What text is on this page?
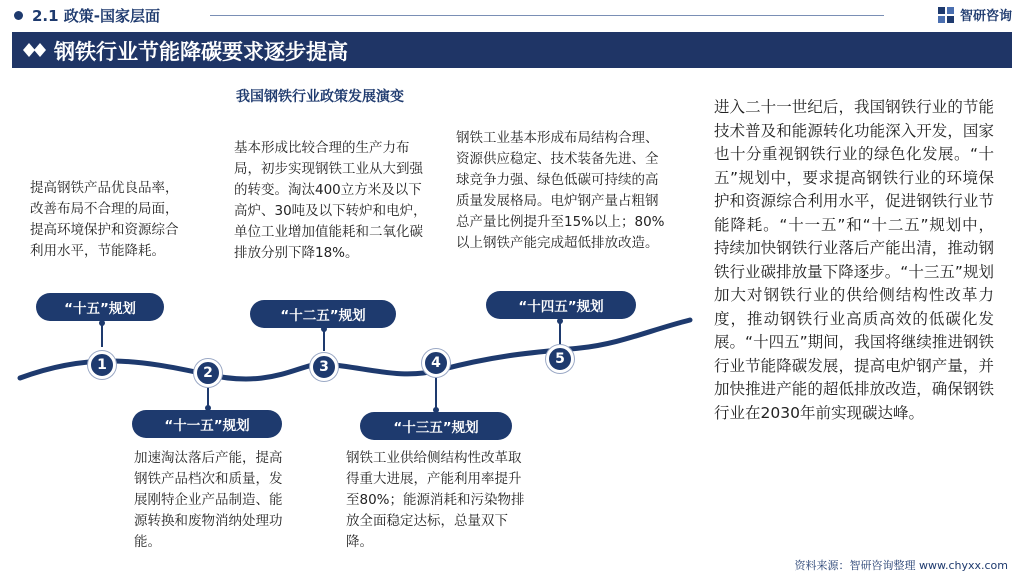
2.1 政策-国家层面	智研咨询
钢铁行业节能降碳要求逐步提高
我国钢铁行业政策发展演变
提高钢铁产品优良品率，改善布局不合理的局面，提高环境保护和资源综合利用水平，节能降耗。
加速淘汰落后产能，提高钢铁产品档次和质量，发展刚特企业产品制造、能源转换和废物消纳处理功能。
基本形成比较合理的生产力布局，初步实现钢铁工业从大到强的转变。淘汰400立方米及以下高炉、30吨及以下转炉和电炉，单位工业增加值能耗和二氧化碳排放分别下降18%。
钢铁工业供给侧结构性改革取得重大进展，产能利用率提升至80%；能源消耗和污染物排放全面稳定达标，总量双下降。
钢铁工业基本形成布局结构合理、资源供应稳定、技术装备先进、全球竞争力强、绿色低碳可持续的高质量发展格局。电炉钢产量占粗钢总产量比例提升至15%以上；80%以上钢铁产能完成超低排放改造。
1	2	3	4	5
“十五”规划
“十一五”规划
“十二五”规划
“十三五”规划
“十四五”规划
进入二十一世纪后，我国钢铁行业的节能技术普及和能源转化功能深入开发，国家也十分重视钢铁行业的绿色化发展。“十五”规划中，要求提高钢铁行业的环境保护和资源综合利用水平，促进钢铁行业节能降耗。“十一五”和“十二五”规划中，持续加快钢铁行业落后产能出清，推动钢铁行业碳排放量下降逐步。“十三五”规划加大对钢铁行业的供给侧结构性改革力度，推动钢铁行业高质高效的低碳化发展。“十四五”期间，我国将继续推进钢铁行业节能降碳发展，提高电炉钢产量，并加快推进产能的超低排放改造，确保钢铁行业在2030年前实现碳达峰。
资料来源：智研咨询整理 www.chyxx.com
